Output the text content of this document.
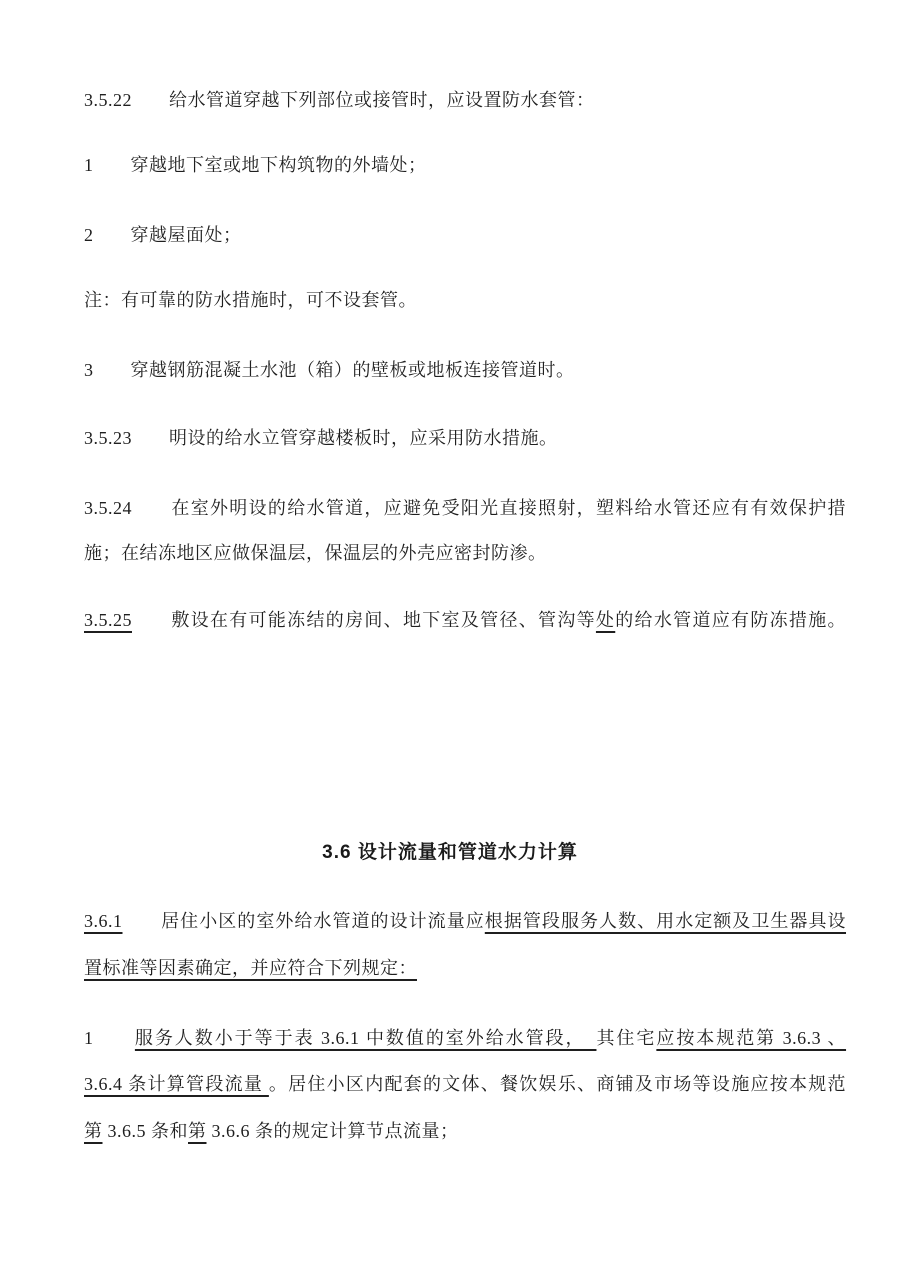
3.5.22　　给水管道穿越下列部位或接管时，应设置防水套管：
1　　穿越地下室或地下构筑物的外墙处；
2　　穿越屋面处；
注：有可靠的防水措施时，可不设套管。
3　　穿越钢筋混凝土水池（箱）的壁板或地板连接管道时。
3.5.23　　明设的给水立管穿越楼板时，应采用防水措施。
3.5.24　　在室外明设的给水管道，应避免受阳光直接照射，塑料给水管还应有有效保护措
施；在结冻地区应做保温层，保温层的外壳应密封防渗。
3.5.25　　敷设在有可能冻结的房间、地下室及管径、管沟等处的给水管道应有防冻措施。
3.6 设计流量和管道水力计算
3.6.1　　居住小区的室外给水管道的设计流量应根据管段服务人数、用水定额及卫生器具设
置标准等因素确定，并应符合下列规定：
1　　服务人数小于等于表 3.6.1 中数值的室外给水管段，　其住宅应按本规范第 3.6.3 、
3.6.4 条计算管段流量 。居住小区内配套的文体、餐饮娱乐、商铺及市场等设施应按本规范
第 3.6.5 条和第 3.6.6 条的规定计算节点流量；
